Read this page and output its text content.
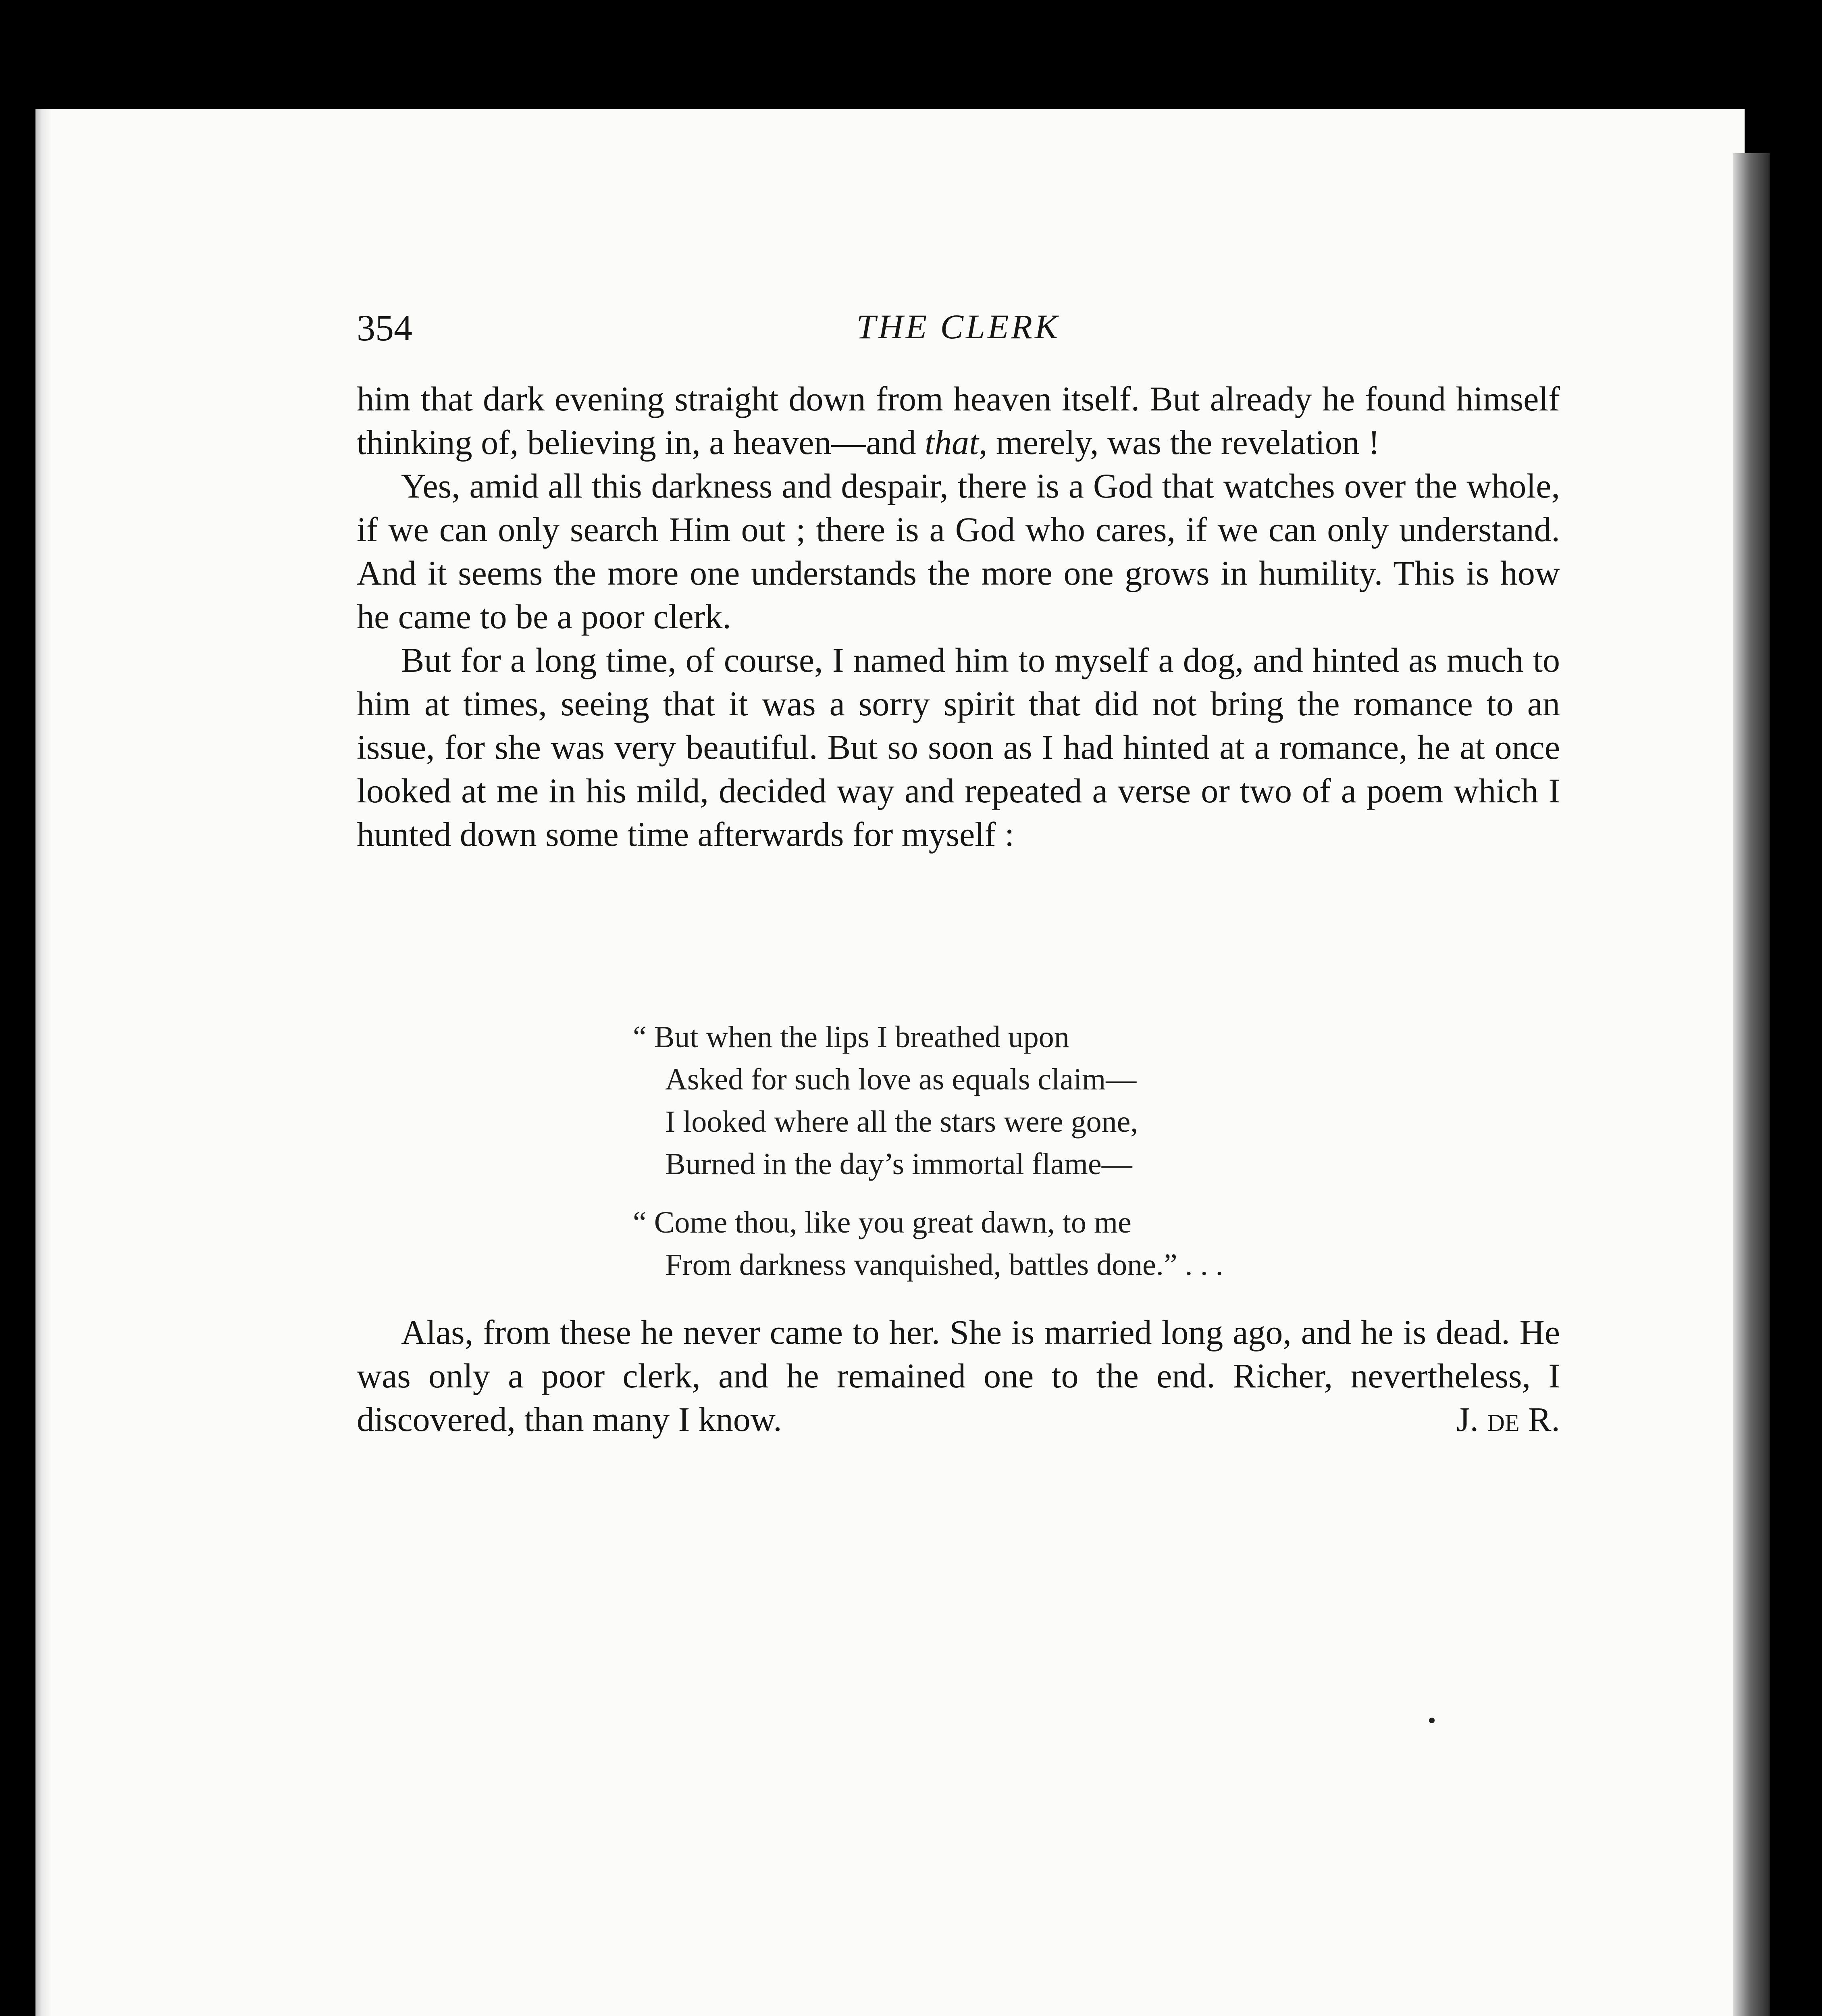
354	THE CLERK

him that dark evening straight down from heaven itself. But already he found himself thinking of, believing in, a heaven—and that, merely, was the revelation !

Yes, amid all this darkness and despair, there is a God that watches over the whole, if we can only search Him out ; there is a God who cares, if we can only understand. And it seems the more one understands the more one grows in humility. This is how he came to be a poor clerk.

But for a long time, of course, I named him to myself a dog, and hinted as much to him at times, seeing that it was a sorry spirit that did not bring the romance to an issue, for she was very beautiful. But so soon as I had hinted at a romance, he at once looked at me in his mild, decided way and repeated a verse or two of a poem which I hunted down some time afterwards for myself :

“ But when the lips I breathed upon
Asked for such love as equals claim—
I looked where all the stars were gone,
Burned in the day’s immortal flame—
“ Come thou, like you great dawn, to me
From darkness vanquished, battles done.” . . .

Alas, from these he never came to her. She is married long ago, and he is dead. He was only a poor clerk, and he remained one to the end. Richer, nevertheless, I discovered, than many I know.	J. de R.
